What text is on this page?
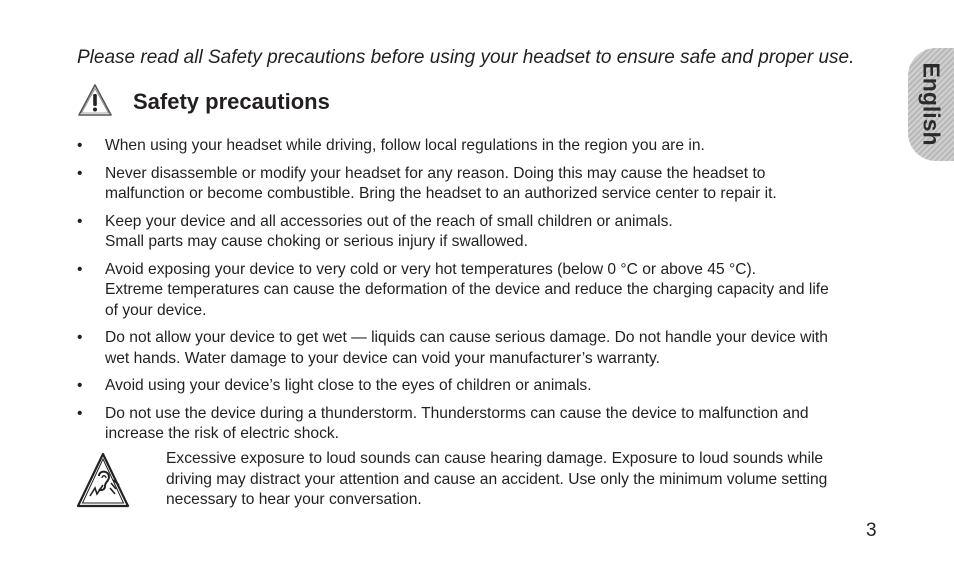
Please read all Safety precautions before using your headset to ensure safe and proper use.
Safety precautions
• When using your headset while driving, follow local regulations in the region you are in.
• Never disassemble or modify your headset for any reason. Doing this may cause the headset to
malfunction or become combustible. Bring the headset to an authorized service center to repair it.
• Keep your device and all accessories out of the reach of small children or animals.
Small parts may cause choking or serious injury if swallowed.
• Avoid exposing your device to very cold or very hot temperatures (below 0 °C or above 45 °C).
Extreme temperatures can cause the deformation of the device and reduce the charging capacity and life
of your device.
• Do not allow your device to get wet — liquids can cause serious damage. Do not handle your device with
wet hands. Water damage to your device can void your manufacturer’s warranty.
• Avoid using your device’s light close to the eyes of children or animals.
• Do not use the device during a thunderstorm. Thunderstorms can cause the device to malfunction and
increase the risk of electric shock.
Excessive exposure to loud sounds can cause hearing damage. Exposure to loud sounds while
driving may distract your attention and cause an accident. Use only the minimum volume setting
necessary to hear your conversation.
English
3
